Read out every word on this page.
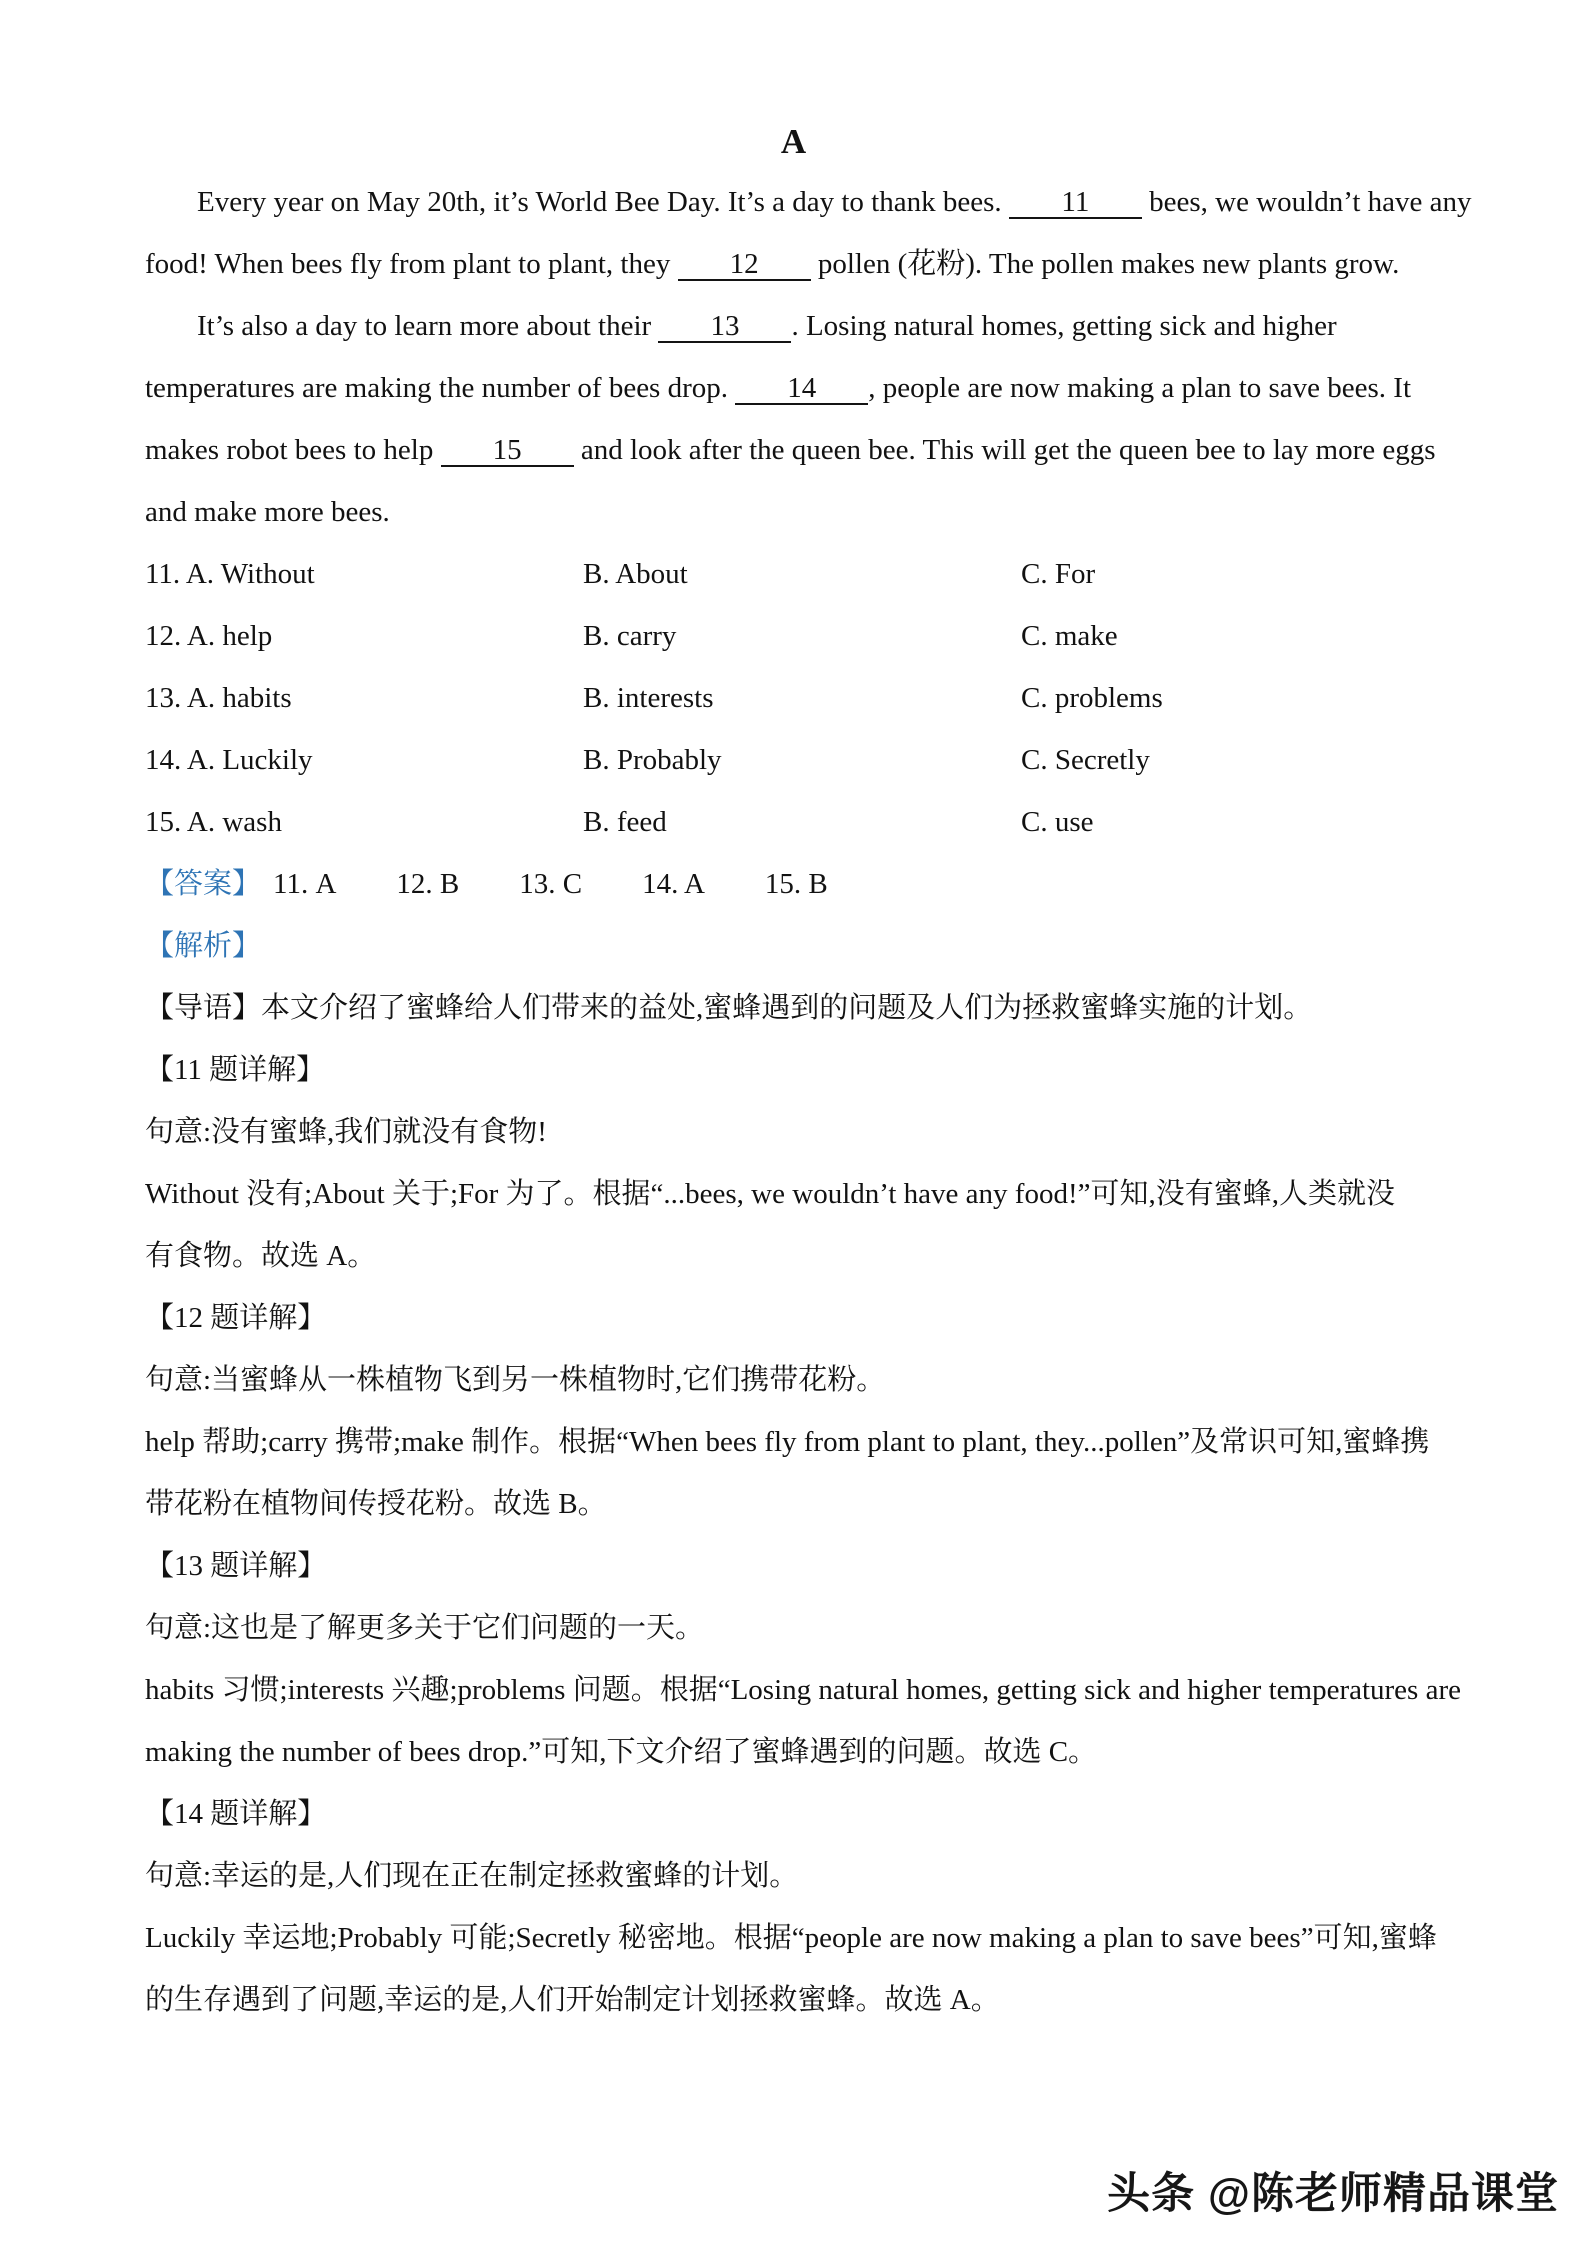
A
Every year on May 20th, it’s World Bee Day. It’s a day to thank bees. 11 bees, we wouldn’t have any
food! When bees fly from plant to plant, they 12 pollen (花粉). The pollen makes new plants grow.
It’s also a day to learn more about their 13 . Losing natural homes, getting sick and higher
temperatures are making the number of bees drop. 14 , people are now making a plan to save bees. It
makes robot bees to help 15 and look after the queen bee. This will get the queen bee to lay more eggs
and make more bees.
11. A. Without	B. About	C. For
12. A. help	B. carry	C. make
13. A. habits	B. interests	C. problems
14. A. Luckily	B. Probably	C. Secretly
15. A. wash	B. feed	C. use
【答案】 11. A 12. B 13. C 14. A 15. B
【解析】
【导语】本文介绍了蜜蜂给人们带来的益处,蜜蜂遇到的问题及人们为拯救蜜蜂实施的计划。
【11 题详解】
句意:没有蜜蜂,我们就没有食物!
Without 没有;About 关于;For 为了。根据“...bees, we wouldn’t have any food!”可知,没有蜜蜂,人类就没
有食物。故选 A。
【12 题详解】
句意:当蜜蜂从一株植物飞到另一株植物时,它们携带花粉。
help 帮助;carry 携带;make 制作。根据“When bees fly from plant to plant, they...pollen”及常识可知,蜜蜂携
带花粉在植物间传授花粉。故选 B。
【13 题详解】
句意:这也是了解更多关于它们问题的一天。
habits 习惯;interests 兴趣;problems 问题。根据“Losing natural homes, getting sick and higher temperatures are
making the number of bees drop.”可知,下文介绍了蜜蜂遇到的问题。故选 C。
【14 题详解】
句意:幸运的是,人们现在正在制定拯救蜜蜂的计划。
Luckily 幸运地;Probably 可能;Secretly 秘密地。根据“people are now making a plan to save bees”可知,蜜蜂
的生存遇到了问题,幸运的是,人们开始制定计划拯救蜜蜂。故选 A。
头条 @陈老师精品课堂
